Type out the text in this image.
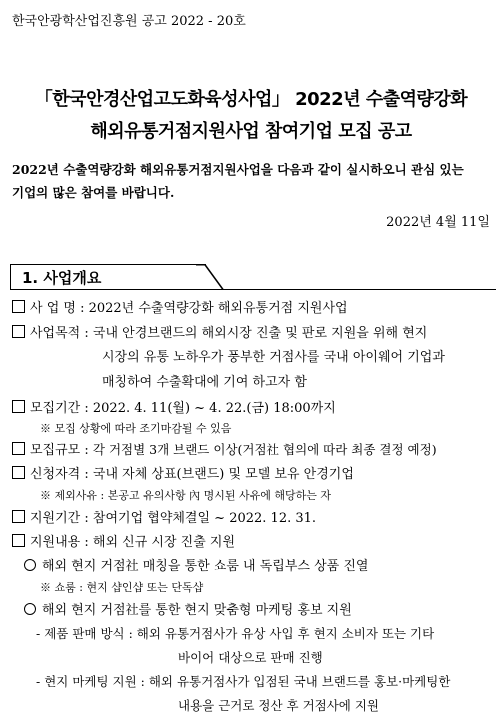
한국안광학산업진흥원 공고 2022 - 20호
「한국안경산업고도화육성사업」 2022년 수출역량강화
해외유통거점지원사업 참여기업 모집 공고
2022년 수출역량강화 해외유통거점지원사업을 다음과 같이 실시하오니 관심 있는
기업의 많은 참여를 바랍니다.
2022년 4월 11일
1. 사업개요
사 업 명 : 2022년 수출역량강화 해외유통거점 지원사업
사업목적 : 국내 안경브랜드의 해외시장 진출 및 판로 지원을 위해 현지
시장의 유통 노하우가 풍부한 거점사를 국내 아이웨어 기업과
매칭하여 수출확대에 기여 하고자 함
모집기간 : 2022. 4. 11(월) ~ 4. 22.(금) 18:00까지
※ 모집 상황에 따라 조기마감될 수 있음
모집규모 : 각 거점별 3개 브랜드 이상(거점社 협의에 따라 최종 결정 예정)
신청자격 : 국내 자체 상표(브랜드) 및 모델 보유 안경기업
※ 제외사유 : 본공고 유의사항 內 명시된 사유에 해당하는 자
지원기간 : 참여기업 협약체결일 ~ 2022. 12. 31.
지원내용 : 해외 신규 시장 진출 지원
해외 현지 거점社 매칭을 통한 쇼룸 내 독립부스 상품 진열
※ 쇼룸 : 현지 샵인샵 또는 단독샵
해외 현지 거점社를 통한 현지 맞춤형 마케팅 홍보 지원
- 제품 판매 방식 : 해외 유통거점사가 유상 사입 후 현지 소비자 또는 기타
바이어 대상으로 판매 진행
- 현지 마케팅 지원 : 해외 유통거점사가 입점된 국내 브랜드를 홍보·마케팅한
내용을 근거로 정산 후 거점사에 지원
